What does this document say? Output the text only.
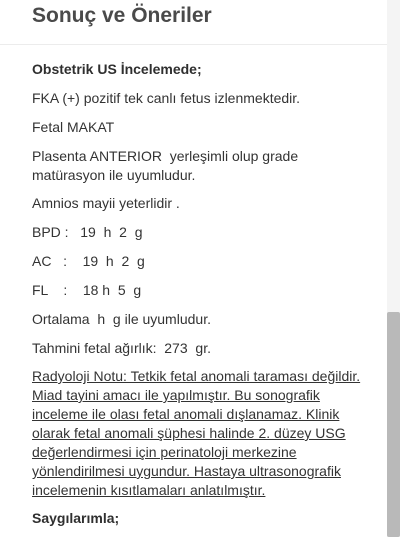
Sonuç ve Öneriler
Obstetrik US İncelemede;
FKA (+) pozitif tek canlı fetus izlenmektedir.
Fetal MAKAT
Plasenta ANTERIOR  yerleşimli olup grade
matürasyon ile uyumludur.
Amnios mayii yeterlidir .
BPD :   19  h  2  g
AC   :    19  h  2  g
FL    :    18 h  5  g
Ortalama  h  g ile uyumludur.
Tahmini fetal ağırlık:  273  gr.
Radyoloji Notu: Tetkik fetal anomali taraması değildir.
Miad tayini amacı ile yapılmıştır. Bu sonografik
inceleme ile olası fetal anomali dışlanamaz. Klinik
olarak fetal anomali şüphesi halinde 2. düzey USG
değerlendirmesi için perinatoloji merkezine
yönlendirilmesi uygundur. Hastaya ultrasonografik
incelemenin kısıtlamaları anlatılmıştır.
Saygılarımla;
